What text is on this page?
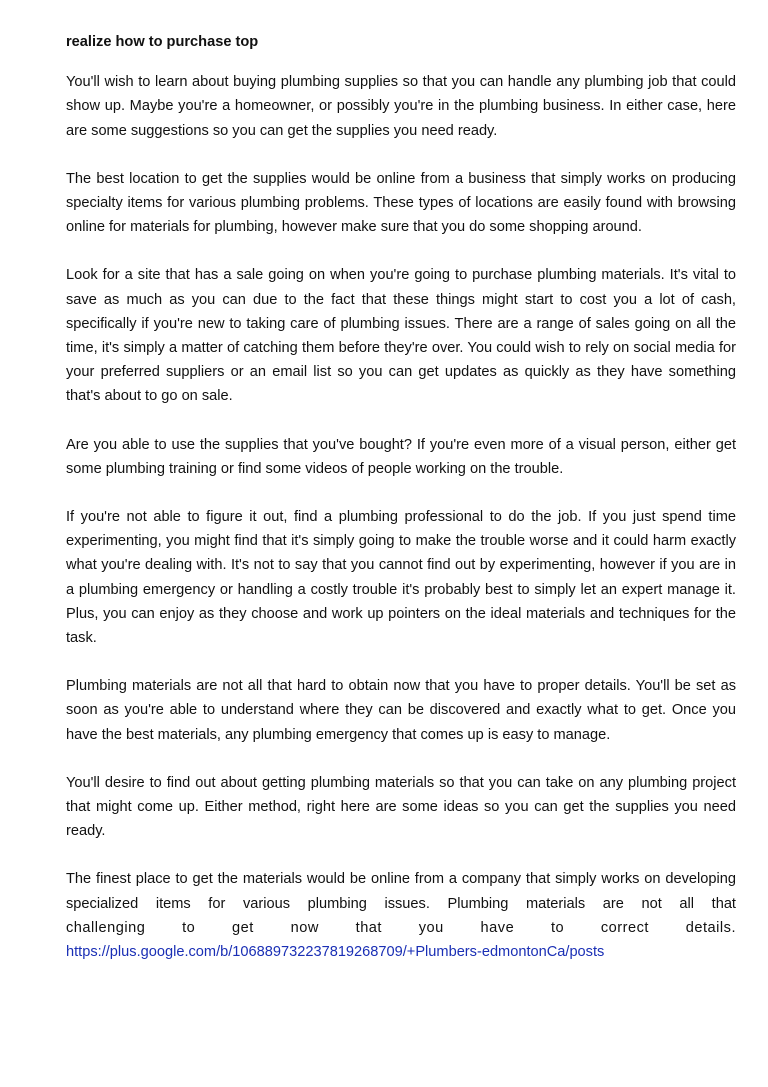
realize how to purchase top

You'll wish to learn about buying plumbing supplies so that you can handle any plumbing job that could show up. Maybe you're a homeowner, or possibly you're in the plumbing business. In either case, here are some suggestions so you can get the supplies you need ready.

The best location to get the supplies would be online from a business that simply works on producing specialty items for various plumbing problems. These types of locations are easily found with browsing online for materials for plumbing, however make sure that you do some shopping around.

Look for a site that has a sale going on when you're going to purchase plumbing materials. It's vital to save as much as you can due to the fact that these things might start to cost you a lot of cash, specifically if you're new to taking care of plumbing issues. There are a range of sales going on all the time, it's simply a matter of catching them before they're over. You could wish to rely on social media for your preferred suppliers or an email list so you can get updates as quickly as they have something that's about to go on sale.

Are you able to use the supplies that you've bought? If you're even more of a visual person, either get some plumbing training or find some videos of people working on the trouble.

If you're not able to figure it out, find a plumbing professional to do the job. If you just spend time experimenting, you might find that it's simply going to make the trouble worse and it could harm exactly what you're dealing with. It's not to say that you cannot find out by experimenting, however if you are in a plumbing emergency or handling a costly trouble it's probably best to simply let an expert manage it. Plus, you can enjoy as they choose and work up pointers on the ideal materials and techniques for the task.

Plumbing materials are not all that hard to obtain now that you have to proper details. You'll be set as soon as you're able to understand where they can be discovered and exactly what to get. Once you have the best materials, any plumbing emergency that comes up is easy to manage.

You'll desire to find out about getting plumbing materials so that you can take on any plumbing project that might come up. Either method, right here are some ideas so you can get the supplies you need ready.

The finest place to get the materials would be online from a company that simply works on developing specialized items for various plumbing issues. Plumbing materials are not all that
challenging to get now that you have to correct details.
https://plus.google.com/b/106889732237819268709/+Plumbers-edmontonCa/posts
